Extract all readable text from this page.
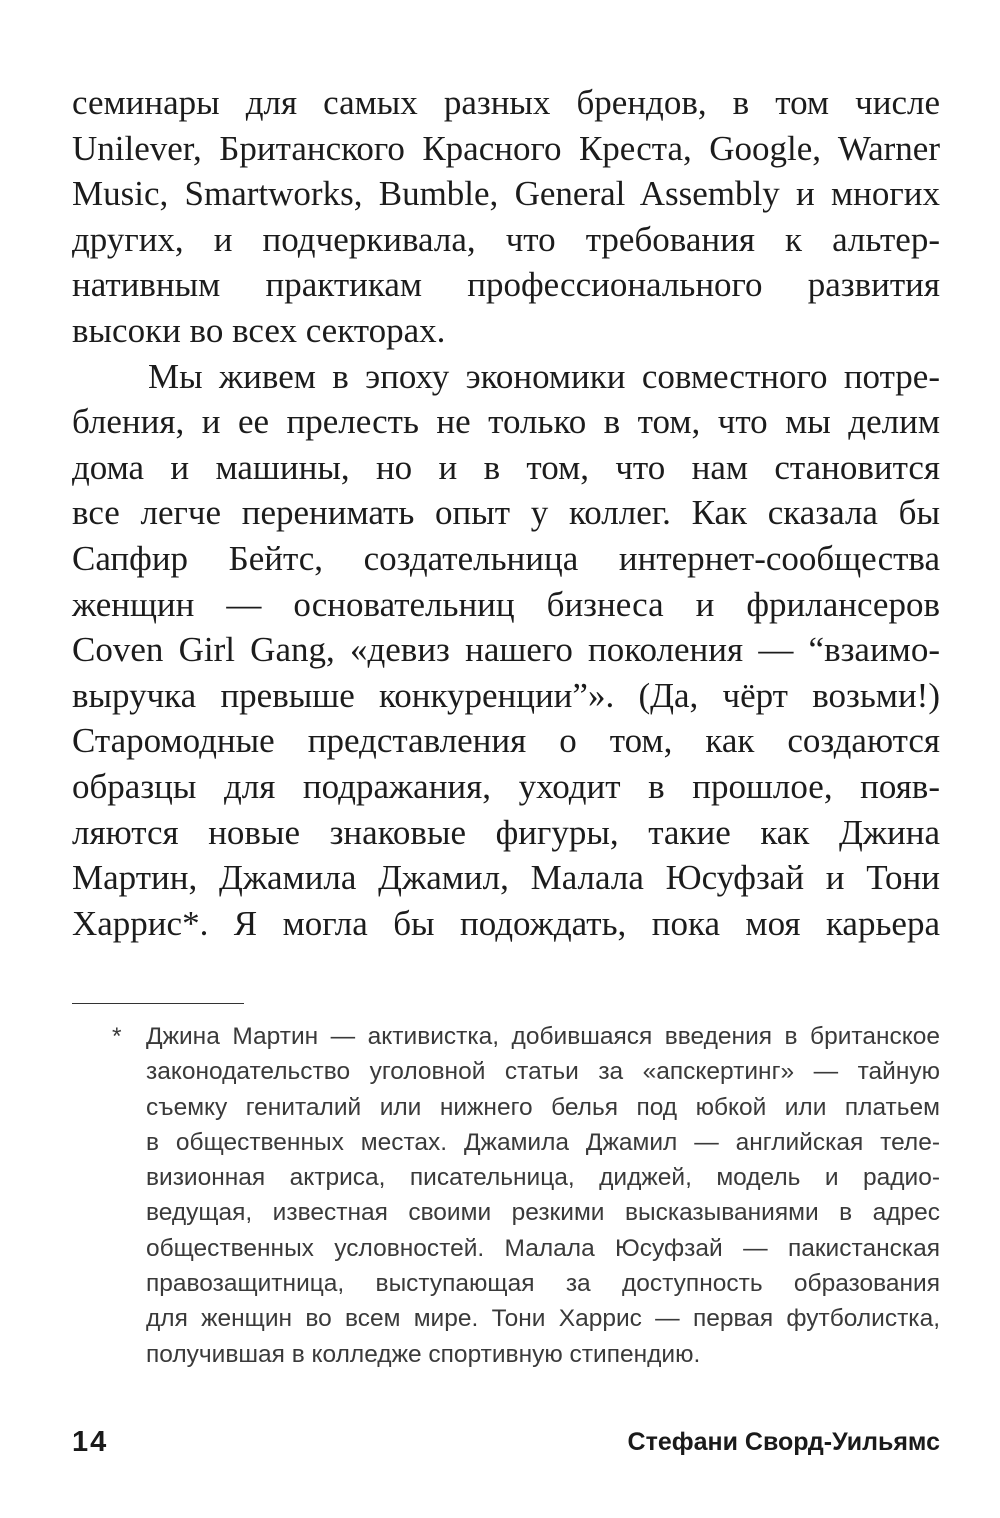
семинары для самых разных брендов, в том числе
Unilever, Британского Красного Креста, Google, Warner
Music, Smartworks, Bumble, General Assembly и многих
других, и подчеркивала, что требования к альтер-
нативным практикам профессионального развития
высоки во всех секторах.
Мы живем в эпоху экономики совместного потре-
бления, и ее прелесть не только в том, что мы делим
дома и машины, но и в том, что нам становится
все легче перенимать опыт у коллег. Как сказала бы
Сапфир Бейтс, создательница интернет-сообщества
женщин — основательниц бизнеса и фрилансеров
Coven Girl Gang, «девиз нашего поколения — “взаимо-
выручка превыше конкуренции”». (Да, чёрт возьми!)
Старомодные представления о том, как создаются
образцы для подражания, уходит в прошлое, появ-
ляются новые знаковые фигуры, такие как Джина
Мартин, Джамила Джамил, Малала Юсуфзай и Тони
Харрис*. Я могла бы подождать, пока моя карьера
* Джина Мартин — активистка, добившаяся введения в британское
законодательство уголовной статьи за «апскертинг» — тайную
съемку гениталий или нижнего белья под юбкой или платьем
в общественных местах. Джамила Джамил — английская теле-
визионная актриса, писательница, диджей, модель и радио-
ведущая, известная своими резкими высказываниями в адрес
общественных условностей. Малала Юсуфзай — пакистанская
правозащитница, выступающая за доступность образования
для женщин во всем мире. Тони Харрис — первая футболистка,
получившая в колледже спортивную стипендию.
14	Стефани Сворд-Уильямс
